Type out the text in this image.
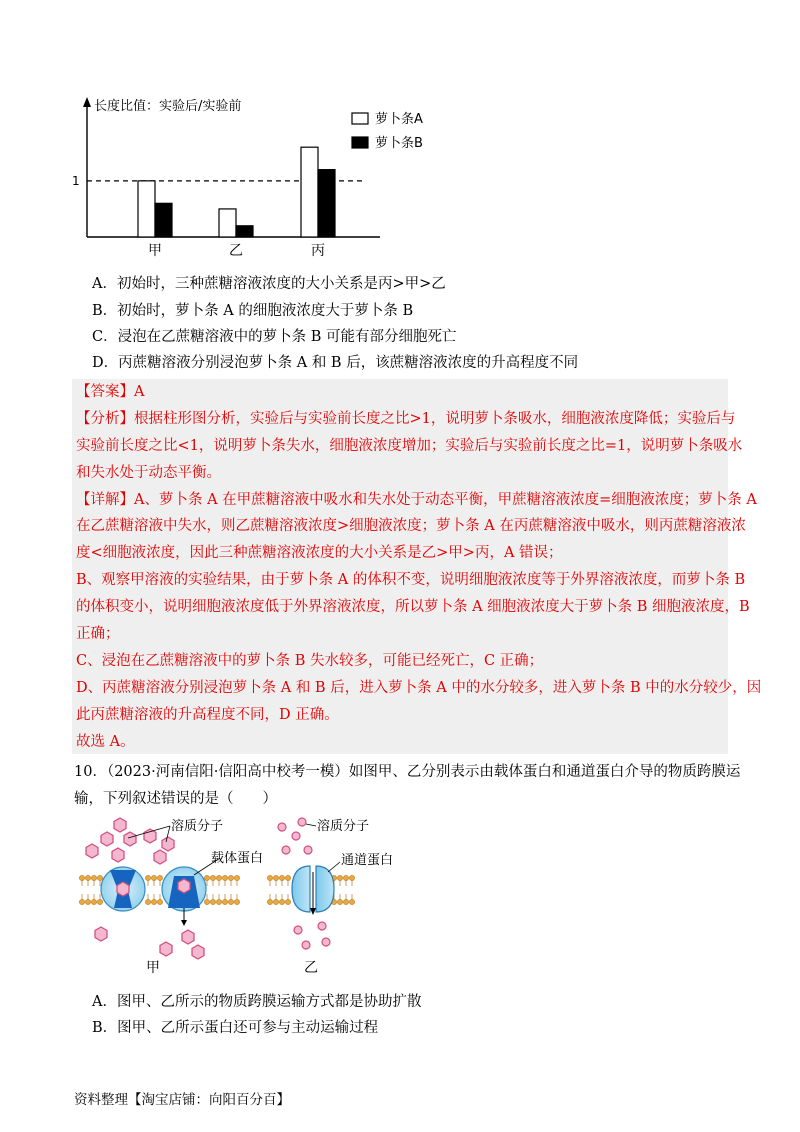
长度比值：实验后/实验前
1
甲	乙	丙
萝卜条A
萝卜条B
A．初始时，三种蔗糖溶液浓度的大小关系是丙>甲>乙
B．初始时，萝卜条 A 的细胞液浓度大于萝卜条 B
C．浸泡在乙蔗糖溶液中的萝卜条 B 可能有部分细胞死亡
D．丙蔗糖溶液分别浸泡萝卜条 A 和 B 后，该蔗糖溶液浓度的升高程度不同
【答案】A
【分析】根据柱形图分析，实验后与实验前长度之比>1，说明萝卜条吸水，细胞液浓度降低；实验后与
实验前长度之比<1，说明萝卜条失水，细胞液浓度增加；实验后与实验前长度之比=1，说明萝卜条吸水
和失水处于动态平衡。
【详解】A、萝卜条 A 在甲蔗糖溶液中吸水和失水处于动态平衡，甲蔗糖溶液浓度=细胞液浓度；萝卜条 A
在乙蔗糖溶液中失水，则乙蔗糖溶液浓度>细胞液浓度；萝卜条 A 在丙蔗糖溶液中吸水，则丙蔗糖溶液浓
度<细胞液浓度，因此三种蔗糖溶液浓度的大小关系是乙>甲>丙，A 错误；
B、观察甲溶液的实验结果，由于萝卜条 A 的体积不变，说明细胞液浓度等于外界溶液浓度，而萝卜条 B
的体积变小，说明细胞液浓度低于外界溶液浓度，所以萝卜条 A 细胞液浓度大于萝卜条 B 细胞液浓度，B
正确；
C、浸泡在乙蔗糖溶液中的萝卜条 B 失水较多，可能已经死亡，C 正确；
D、丙蔗糖溶液分别浸泡萝卜条 A 和 B 后，进入萝卜条 A 中的水分较多，进入萝卜条 B 中的水分较少，因
此丙蔗糖溶液的升高程度不同，D 正确。
故选 A。
10．（2023·河南信阳·信阳高中校考一模）如图甲、乙分别表示由载体蛋白和通道蛋白介导的物质跨膜运
输，下列叙述错误的是（　　）
溶质分子
载体蛋白
甲
溶质分子
通道蛋白
乙
A．图甲、乙所示的物质跨膜运输方式都是协助扩散
B．图甲、乙所示蛋白还可参与主动运输过程
资料整理【淘宝店铺：向阳百分百】
